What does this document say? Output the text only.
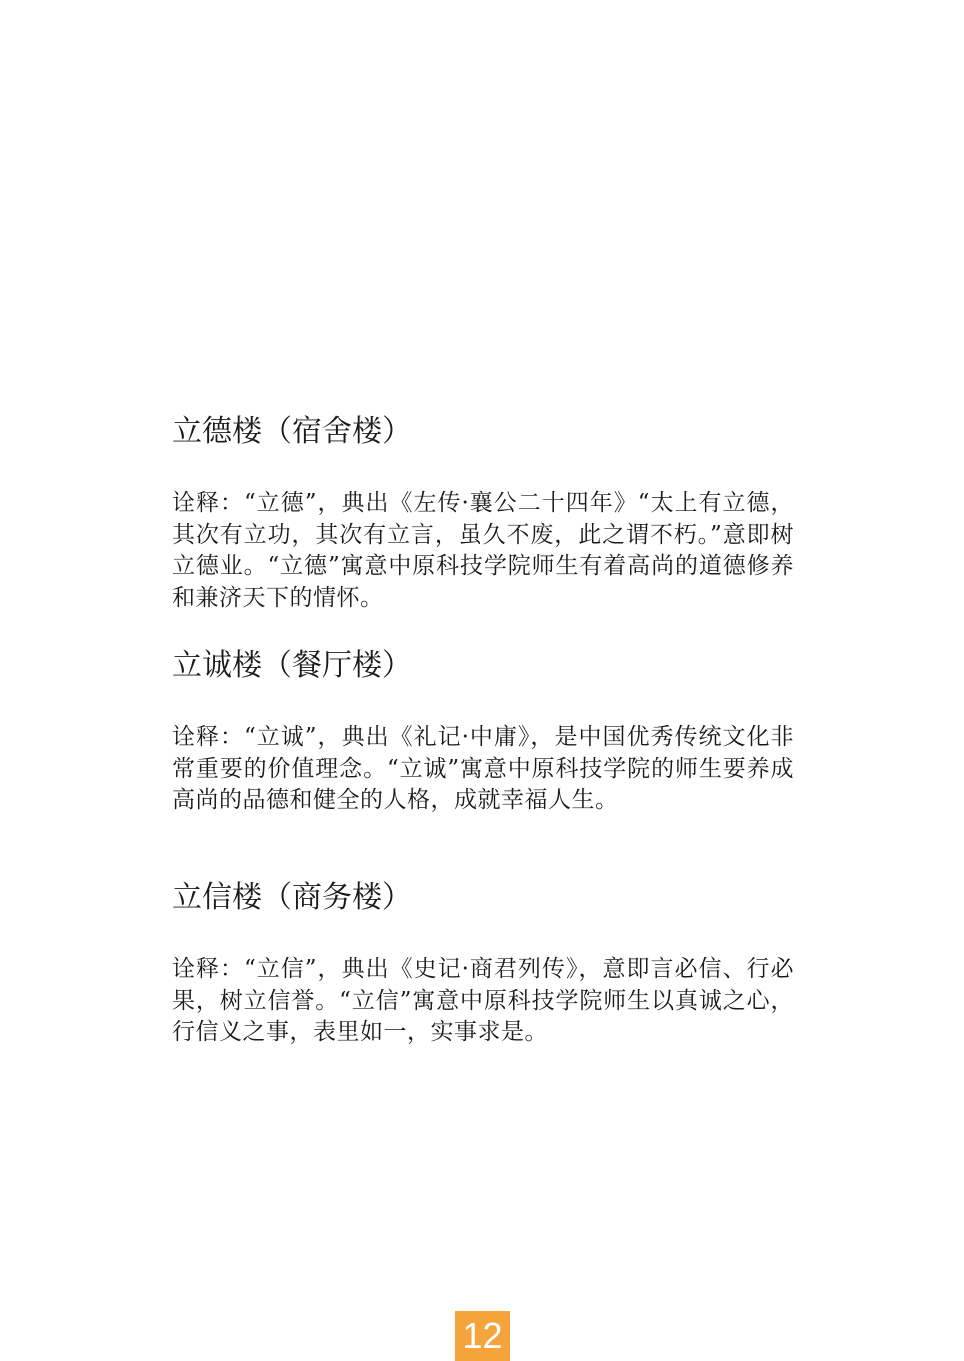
立德楼（宿舍楼）

诠释：“立德”，典出《左传·襄公二十四年》“太上有立德，其次有立功，其次有立言，虽久不废，此之谓不朽。”意即树立德业。“立德”寓意中原科技学院师生有着高尚的道德修养和兼济天下的情怀。

立诚楼（餐厅楼）

诠释：“立诚”，典出《礼记·中庸》，是中国优秀传统文化非常重要的价值理念。“立诚”寓意中原科技学院的师生要养成高尚的品德和健全的人格，成就幸福人生。

立信楼（商务楼）

诠释：“立信”，典出《史记·商君列传》，意即言必信、行必果，树立信誉。“立信”寓意中原科技学院师生以真诚之心，行信义之事，表里如一，实事求是。

12
